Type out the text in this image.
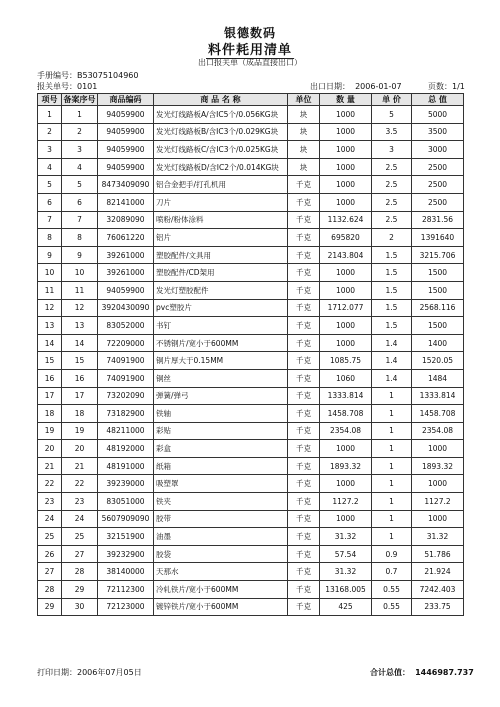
银德数码
料件耗用清单
出口报关单（成品直接出口）
手册编号：B53075104960
报关单号：0101	出口日期： 2006-01-07	页数：1/1
项号	备案序号	商品编码	商 品 名 称	单位	数 量	单 价	总 值
1	1	94059900	发光灯线路板A/含IC5个/0.056KG块	块	1000	5	5000
2	2	94059900	发光灯线路板B/含IC3个/0.029KG块	块	1000	3.5	3500
3	3	94059900	发光灯线路板C/含IC3个/0.025KG块	块	1000	3	3000
4	4	94059900	发光灯线路板D/含IC2个/0.014KG块	块	1000	2.5	2500
5	5	8473409090	铝合金把手/打孔机用	千克	1000	2.5	2500
6	6	82141000	刀片	千克	1000	2.5	2500
7	7	32089090	喷粉/粉体涂料	千克	1132.624	2.5	2831.56
8	8	76061220	铝片	千克	695820	2	1391640
9	9	39261000	塑胶配件/文具用	千克	2143.804	1.5	3215.706
10	10	39261000	塑胶配件/CD架用	千克	1000	1.5	1500
11	11	94059900	发光灯塑胶配件	千克	1000	1.5	1500
12	12	3920430090	pvc塑胶片	千克	1712.077	1.5	2568.116
13	13	83052000	书钉	千克	1000	1.5	1500
14	14	72209000	不锈钢片/宽小于600MM	千克	1000	1.4	1400
15	15	74091900	铜片厚大于0.15MM	千克	1085.75	1.4	1520.05
16	16	74091900	铜丝	千克	1060	1.4	1484
17	17	73202090	弹簧/弹弓	千克	1333.814	1	1333.814
18	18	73182900	铁轴	千克	1458.708	1	1458.708
19	19	48211000	彩贴	千克	2354.08	1	2354.08
20	20	48192000	彩盒	千克	1000	1	1000
21	21	48191000	纸箱	千克	1893.32	1	1893.32
22	22	39239000	吸塑罩	千克	1000	1	1000
23	23	83051000	铁夹	千克	1127.2	1	1127.2
24	24	5607909090	胶带	千克	1000	1	1000
25	25	32151900	油墨	千克	31.32	1	31.32
26	27	39232900	胶袋	千克	57.54	0.9	51.786
27	28	38140000	天那水	千克	31.32	0.7	21.924
28	29	72112300	冷轧铁片/宽小于600MM	千克	13168.005	0.55	7242.403
29	30	72123000	镀锌铁片/宽小于600MM	千克	425	0.55	233.75
打印日期：2006年07月05日	合计总值： 1446987.737
